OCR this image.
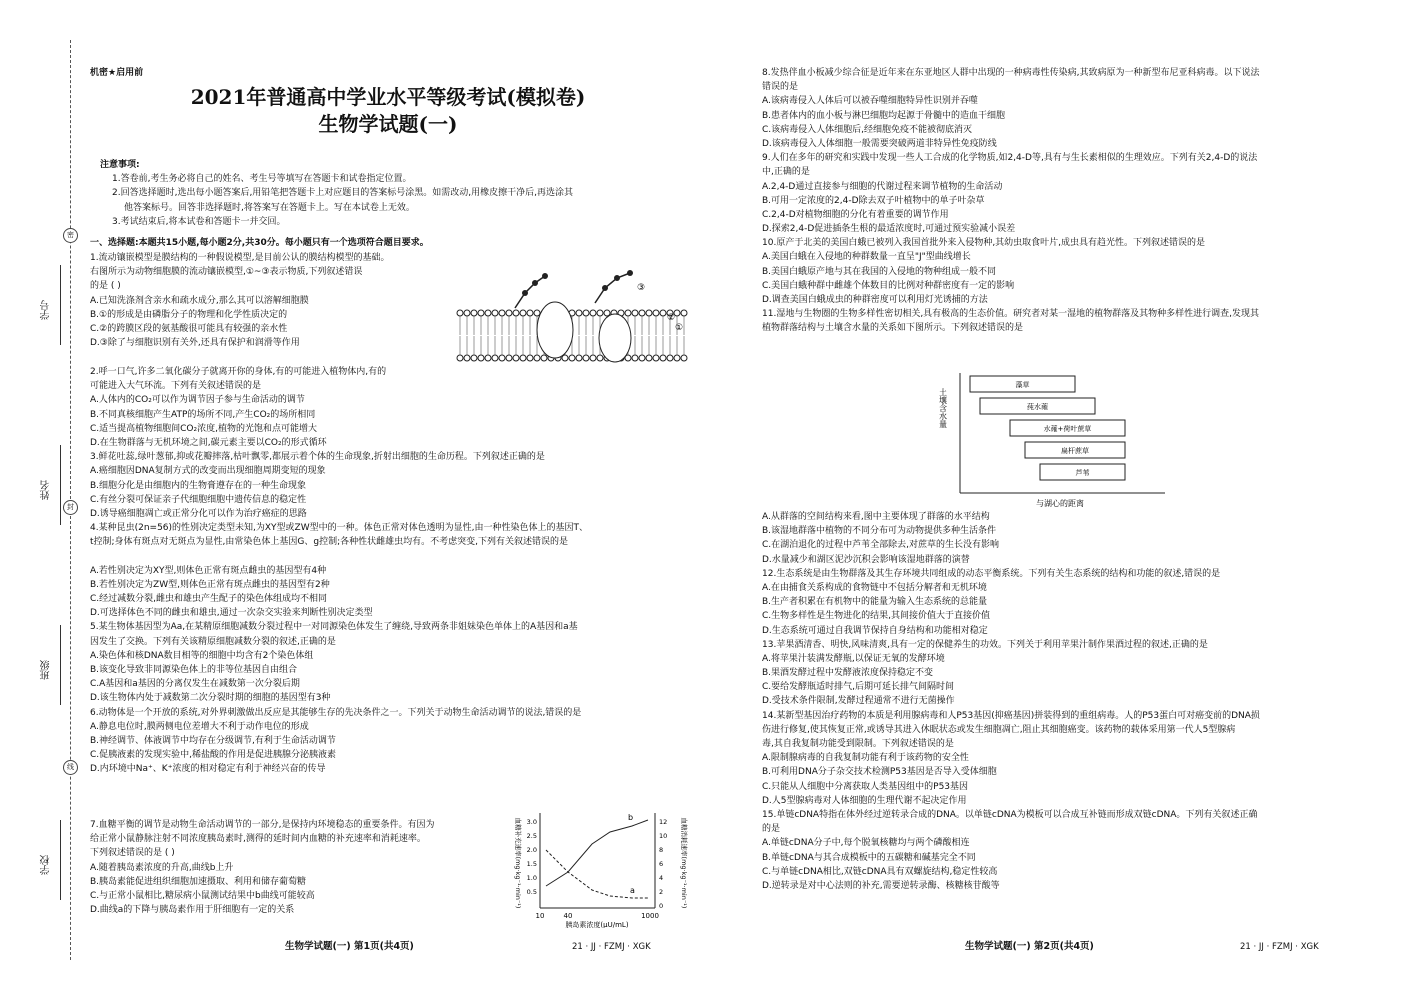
学号
姓名
班级
学校
密
封
线
机密★启用前
2021年普通高中学业水平等级考试(模拟卷)
生物学试题(一)
注意事项:
1.答卷前,考生务必将自己的姓名、考生号等填写在答题卡和试卷指定位置。
2.回答选择题时,选出每小题答案后,用铅笔把答题卡上对应题目的答案标号涂黑。如需改动,用橡皮擦干净后,再选涂其
他答案标号。回答非选择题时,将答案写在答题卡上。写在本试卷上无效。
3.考试结束后,将本试卷和答题卡一并交回。
一、选择题:本题共15小题,每小题2分,共30分。每小题只有一个选项符合题目要求。
1.流动镶嵌模型是膜结构的一种假说模型,是目前公认的膜结构模型的基础。
右图所示为动物细胞膜的流动镶嵌模型,①~③表示物质,下列叙述错误
的是 ( )
A.已知洗涤剂含亲水和疏水成分,那么其可以溶解细胞膜
B.①的形成是由磷脂分子的物理和化学性质决定的
C.②的跨膜区段的氨基酸很可能具有较强的亲水性
D.③除了与细胞识别有关外,还具有保护和润滑等作用
③
②
①
2.呼一口气,许多二氧化碳分子就离开你的身体,有的可能进入植物体内,有的
可能进入大气环流。下列有关叙述错误的是
A.人体内的CO₂可以作为调节因子参与生命活动的调节
B.不同真核细胞产生ATP的场所不同,产生CO₂的场所相同
C.适当提高植物细胞间CO₂浓度,植物的光饱和点可能增大
D.在生物群落与无机环境之间,碳元素主要以CO₂的形式循环
3.鲜花吐蕊,绿叶葱郁,抑或花瓣摔落,枯叶飘零,都展示着个体的生命现象,折射出细胞的生命历程。下列叙述正确的是
A.癌细胞因DNA复制方式的改变而出现细胞周期变短的现象
B.细胞分化是由细胞内的生物膏遵存在的一种生命现象
C.有丝分裂可保证亲子代细胞细胞中遗传信息的稳定性
D.诱导癌细胞凋亡或正常分化可以作为治疗癌症的思路
4.某种昆虫(2n=56)的性别决定类型未知,为XY型或ZW型中的一种。体色正常对体色透明为显性,由一种性染色体上的基因T、
t控制;身体有斑点对无斑点为显性,由常染色体上基因G、g控制;各种性状雌雄虫均有。不考虑突变,下列有关叙述错误的是
A.若性别决定为XY型,则体色正常有斑点雌虫的基因型有4种
B.若性别决定为ZW型,则体色正常有斑点雌虫的基因型有2种
C.经过减数分裂,雌虫和雄虫产生配子的染色体组成均不相同
D.可选择体色不同的雌虫和雄虫,通过一次杂交实验来判断性别决定类型
5.某生物体基因型为Aa,在某精原细胞减数分裂过程中一对同源染色体发生了缠绕,导致两条非姐妹染色单体上的A基因和a基
因发生了交换。下列有关该精原细胞减数分裂的叙述,正确的是
A.染色体和核DNA数目相等的细胞中均含有2个染色体组
B.该变化导致非同源染色体上的非等位基因自由组合
C.A基因和a基因的分离仅发生在减数第一次分裂后期
D.该生物体内处于减数第二次分裂时期的细胞的基因型有3种
6.动物体是一个开放的系统,对外界刺激做出反应是其能够生存的先决条件之一。下列关于动物生命活动调节的说法,错误的是
A.静息电位时,膜两侧电位差增大不利于动作电位的形成
B.神经调节、体液调节中均存在分级调节,有利于生命活动调节
C.促胰液素的发现实验中,稀盐酸的作用是促进胰腺分泌胰液素
D.内环境中Na⁺、K⁺浓度的相对稳定有利于神经兴奋的传导
7.血糖平衡的调节是动物生命活动调节的一部分,是保持内环境稳态的重要条件。有因为
给正常小鼠静脉注射不同浓度胰岛素时,测得的延时间内血糖的补充速率和消耗速率。
下列叙述错误的是 ( )
A.随着胰岛素浓度的升高,曲线b上升
B.胰岛素能促进组织细胞加速摄取、利用和储存葡萄糖
C.与正常小鼠相比,糖尿病小鼠测试结果中b曲线可能较高
D.曲线a的下降与胰岛素作用于肝细胞有一定的关系
0.5
1.0
1.5
2.0
2.5
3.0
0
2
4
6
8
10
12
b
a
10	40	1000
胰岛素浓度(μU/mL)
血糖补充速率(mg·kg⁻¹·min⁻¹)	血糖消耗速率(mg·kg⁻¹·min⁻¹)
8.发热伴血小板减少综合征是近年来在东亚地区人群中出现的一种病毒性传染病,其致病原为一种新型布尼亚科病毒。以下说法
错误的是
A.该病毒侵入人体后可以被吞噬细胞特异性识别并吞噬
B.患者体内的血小板与淋巴细胞均起源于骨髓中的造血干细胞
C.该病毒侵入人体细胞后,经细胞免疫不能被彻底消灭
D.该病毒侵入人体细胞一般需要突破两道非特异性免疫防线
9.人们在多年的研究和实践中发现一些人工合成的化学物质,如2,4-D等,具有与生长素相似的生理效应。下列有关2,4-D的说法
中,正确的是
A.2,4-D通过直接参与细胞的代谢过程来调节植物的生命活动
B.可用一定浓度的2,4-D除去双子叶植物中的单子叶杂草
C.2,4-D对植物细胞的分化有着重要的调节作用
D.探索2,4-D促进插条生根的最适浓度时,可通过预实验减小误差
10.原产于北美的美国白蛾已被列入我国首批外来入侵物种,其幼虫取食叶片,成虫具有趋光性。下列叙述错误的是
A.美国白蛾在入侵地的种群数量一直呈"J"型曲线增长
B.美国白蛾原产地与其在我国的入侵地的物种组成一般不同
C.美国白蛾种群中雌雄个体数目的比例对种群密度有一定的影响
D.调查美国白蛾成虫的种群密度可以利用灯光诱捕的方法
11.湿地与生物圈的生物多样性密切相关,具有极高的生态价值。研究者对某一湿地的植物群落及其物种多样性进行调查,发现其
植物群落结构与土壤含水量的关系如下图所示。下列叙述错误的是
土壤含水量
与湖心的距离
藻草
莼水蕹
水蕹+荷叶蔗草
扁杆蔗草
芦苇
A.从群落的空间结构来看,图中主要体现了群落的水平结构
B.该湿地群落中植物的不同分布可为动物提供多种生活条件
C.在湖泊退化的过程中芦苇全部除去,对蔗草的生长没有影响
D.水量减少和湖区泥沙沉积会影响该湿地群落的演替
12.生态系统是由生物群落及其生存环境共同组成的动态平衡系统。下列有关生态系统的结构和功能的叙述,错误的是
A.在由捕食关系构成的食物链中不包括分解者和无机环境
B.生产者积累在有机物中的能量为输入生态系统的总能量
C.生物多样性是生物进化的结果,其间接价值大于直接价值
D.生态系统可通过自我调节保持自身结构和功能相对稳定
13.苹果酒清香、明快,风味清爽,具有一定的保健养生的功效。下列关于利用苹果汁制作果酒过程的叙述,正确的是
A.将苹果汁装满发酵瓶,以保证无氧的发酵环境
B.果酒发酵过程中发酵液浓度保持稳定不变
C.要给发酵瓶适时排气,后期可延长排气间隔时间
D.受技术条件限制,发酵过程通常不进行无菌操作
14.某新型基因治疗药物的本质是利用腺病毒和人P53基因(抑癌基因)拼装得到的重组病毒。人的P53蛋白可对癌变前的DNA损
伤进行修复,使其恢复正常,或诱导其进入休眠状态或发生细胞凋亡,阻止其细胞癌变。该药物的载体采用第一代人5型腺病
毒,其自我复制功能受到限制。下列叙述错误的是
A.限制腺病毒的自我复制功能有利于该药物的安全性
B.可利用DNA分子杂交技术检测P53基因是否导入受体细胞
C.只能从人细胞中分离获取人类基因组中的P53基因
D.人5型腺病毒对人体细胞的生理代谢不起决定作用
15.单链cDNA特指在体外经过逆转录合成的DNA。以单链cDNA为模板可以合成互补链而形成双链cDNA。下列有关叙述正确
的是
A.单链cDNA分子中,每个脱氧核糖均与两个磷酸相连
B.单链cDNA与其合成模板中的五碳糖和碱基完全不同
C.与单链cDNA相比,双链cDNA具有双螺旋结构,稳定性较高
D.逆转录是对中心法则的补充,需要逆转录酶、核糖核苷酸等
生物学试题(一) 第1页(共4页)	21 · JJ · FZMJ · XGK	生物学试题(一) 第2页(共4页)	21 · JJ · FZMJ · XGK
